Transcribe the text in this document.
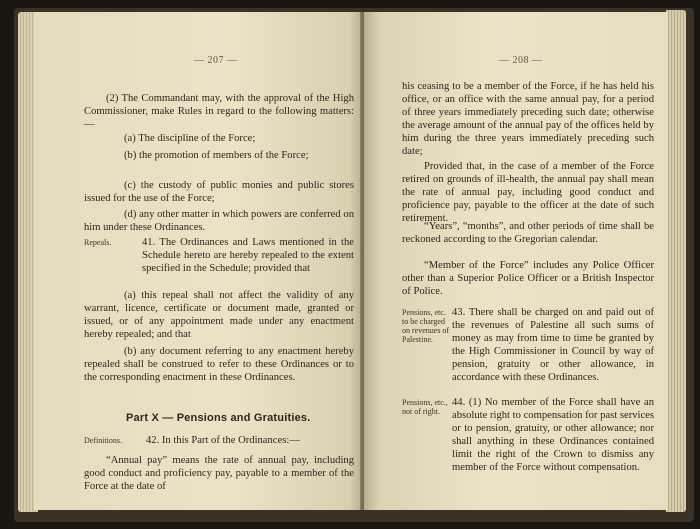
— 207 —
(2) The Commandant may, with the approval of the High Commissioner, make Rules in regard to the following matters:—
(a) The discipline of the Force;
(b) the promotion of members of the Force;
(c) the custody of public monies and public stores issued for the use of the Force;
(d) any other matter in which powers are conferred on him under these Ordinances.
Repeals.	41. The Ordinances and Laws mentioned in the Schedule hereto are hereby repealed to the extent specified in the Schedule; provided that
(a) this repeal shall not affect the validity of any warrant, licence, certificate or document made, granted or issued, or of any appointment made under any enactment hereby repealed; and that
(b) any document referring to any enactment hereby repealed shall be construed to refer to these Ordinances or to the corresponding enactment in these Ordinances.
Part X — Pensions and Gratuities.
Definitions.	42. In this Part of the Ordinances:—
“Annual pay” means the rate of annual pay, including good conduct and proficiency pay, payable to a member of the Force at the date of
— 208 —
his ceasing to be a member of the Force, if he has held his office, or an office with the same annual pay, for a period of three years immediately preceding such date; otherwise the average amount of the annual pay of the offices held by him during the three years immediately preceding such date;
Provided that, in the case of a member of the Force retired on grounds of ill-health, the annual pay shall mean the rate of annual pay, including good conduct and proficience pay, payable to the officer at the date of such retirement.
“Years”, “months”, and other periods of time shall be reckoned according to the Gregorian calendar.
“Member of the Force” includes any Police Officer other than a Superior Police Officer or a British Inspector of Police.
Pensions, etc. to be charged on revenues of Palestine.
43. There shall be charged on and paid out of the revenues of Palestine all such sums of money as may from time to time be granted by the High Commissioner in Council by way of pension, gratuity or other allowance, in accordance with these Ordinances.
Pensions, etc., not of right.
44. (1) No member of the Force shall have an absolute right to compensation for past services or to pension, gratuity, or other allowance; nor shall anything in these Ordinances contained limit the right of the Crown to dismiss any member of the Force without compensation.
